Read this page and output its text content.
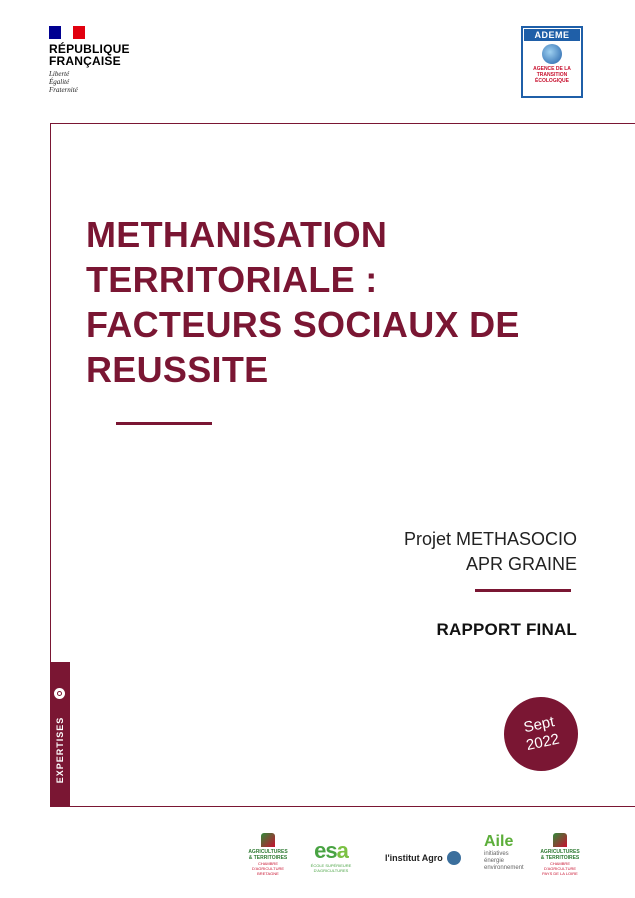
RÉPUBLIQUE
FRANÇAISE
Liberté
Égalité
Fraternité
ADEME
AGENCE DE LA TRANSITION ÉCOLOGIQUE
EXPERTISES
METHANISATION
TERRITORIALE :
FACTEURS SOCIAUX DE
REUSSITE
Projet METHASOCIO
APR GRAINE
RAPPORT FINAL
Sept
2022
AGRICULTURES & TERRITOIRES
CHAMBRE D'AGRICULTURE BRETAGNE
esa
ÉCOLE SUPÉRIEURE D'AGRICULTURES
l'institut Agro
Aile
initiatives
énergie
environnement
AGRICULTURES & TERRITOIRES
CHAMBRE D'AGRICULTURE PAYS DE LA LOIRE
